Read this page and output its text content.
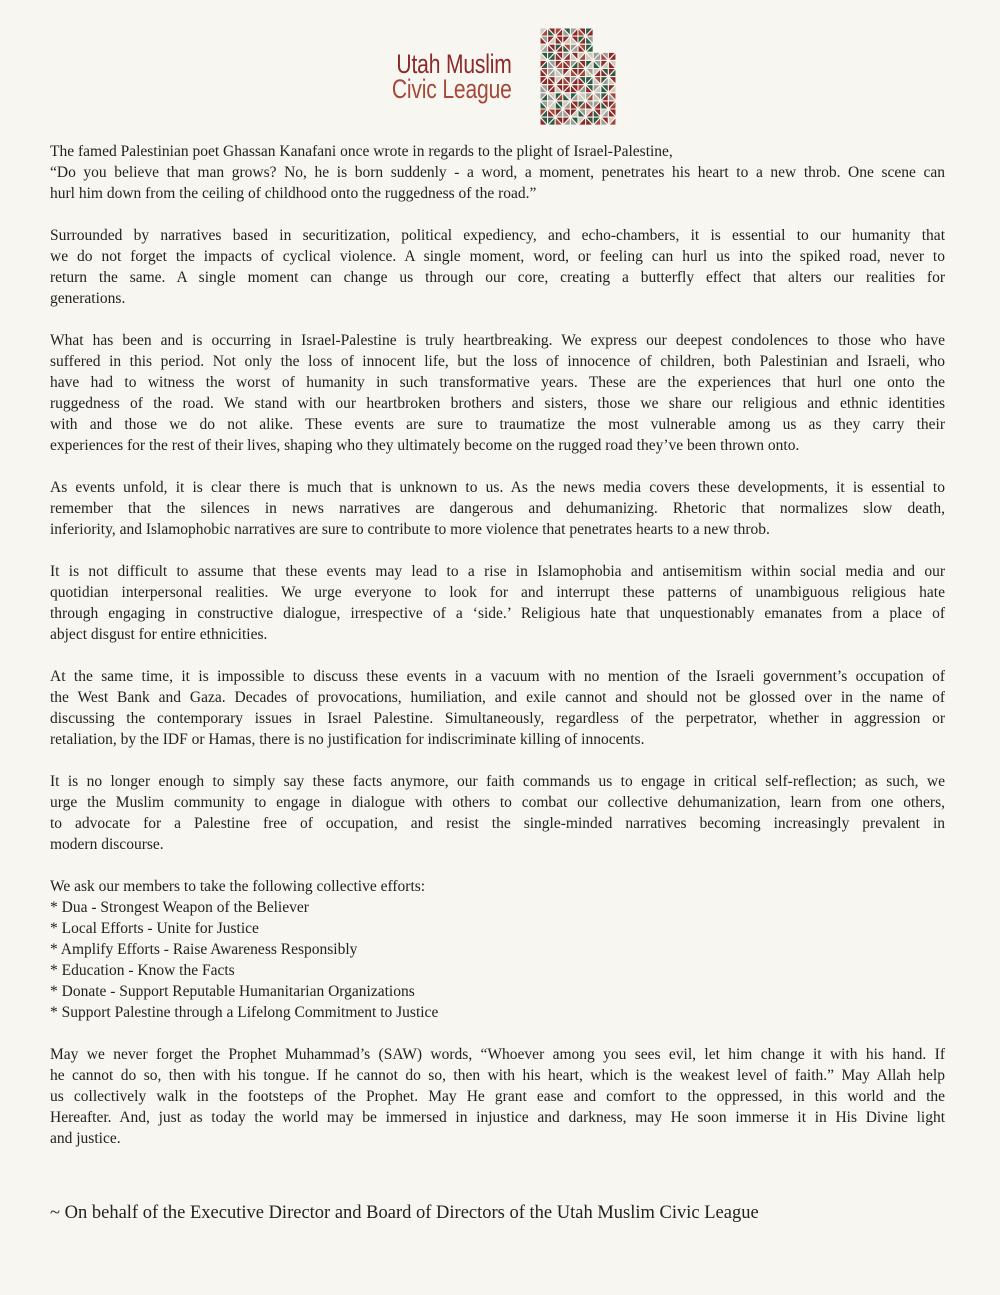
Utah Muslim
Civic League
The famed Palestinian poet Ghassan Kanafani once wrote in regards to the plight of Israel-Palestine,
“Do you believe that man grows? No, he is born suddenly - a word, a moment, penetrates his heart to a new throb. One scene can
hurl him down from the ceiling of childhood onto the ruggedness of the road.”
Surrounded by narratives based in securitization, political expediency, and echo-chambers, it is essential to our humanity that
we do not forget the impacts of cyclical violence. A single moment, word, or feeling can hurl us into the spiked road, never to
return the same. A single moment can change us through our core, creating a butterfly effect that alters our realities for
generations.
What has been and is occurring in Israel-Palestine is truly heartbreaking. We express our deepest condolences to those who have
suffered in this period. Not only the loss of innocent life, but the loss of innocence of children, both Palestinian and Israeli, who
have had to witness the worst of humanity in such transformative years. These are the experiences that hurl one onto the
ruggedness of the road. We stand with our heartbroken brothers and sisters, those we share our religious and ethnic identities
with and those we do not alike. These events are sure to traumatize the most vulnerable among us as they carry their
experiences for the rest of their lives, shaping who they ultimately become on the rugged road they’ve been thrown onto.
As events unfold, it is clear there is much that is unknown to us. As the news media covers these developments, it is essential to
remember that the silences in news narratives are dangerous and dehumanizing. Rhetoric that normalizes slow death,
inferiority, and Islamophobic narratives are sure to contribute to more violence that penetrates hearts to a new throb.
It is not difficult to assume that these events may lead to a rise in Islamophobia and antisemitism within social media and our
quotidian interpersonal realities. We urge everyone to look for and interrupt these patterns of unambiguous religious hate
through engaging in constructive dialogue, irrespective of a ‘side.’ Religious hate that unquestionably emanates from a place of
abject disgust for entire ethnicities.
At the same time, it is impossible to discuss these events in a vacuum with no mention of the Israeli government’s occupation of
the West Bank and Gaza. Decades of provocations, humiliation, and exile cannot and should not be glossed over in the name of
discussing the contemporary issues in Israel Palestine. Simultaneously, regardless of the perpetrator, whether in aggression or
retaliation, by the IDF or Hamas, there is no justification for indiscriminate killing of innocents.
It is no longer enough to simply say these facts anymore, our faith commands us to engage in critical self-reflection; as such, we
urge the Muslim community to engage in dialogue with others to combat our collective dehumanization, learn from one others,
to advocate for a Palestine free of occupation, and resist the single-minded narratives becoming increasingly prevalent in
modern discourse.
We ask our members to take the following collective efforts:
* Dua - Strongest Weapon of the Believer
* Local Efforts - Unite for Justice
* Amplify Efforts - Raise Awareness Responsibly
* Education - Know the Facts
* Donate - Support Reputable Humanitarian Organizations
* Support Palestine through a Lifelong Commitment to Justice
May we never forget the Prophet Muhammad’s (SAW) words, “Whoever among you sees evil, let him change it with his hand. If
he cannot do so, then with his tongue. If he cannot do so, then with his heart, which is the weakest level of faith.” May Allah help
us collectively walk in the footsteps of the Prophet. May He grant ease and comfort to the oppressed, in this world and the
Hereafter. And, just as today the world may be immersed in injustice and darkness, may He soon immerse it in His Divine light
and justice.
~ On behalf of the Executive Director and Board of Directors of the Utah Muslim Civic League
